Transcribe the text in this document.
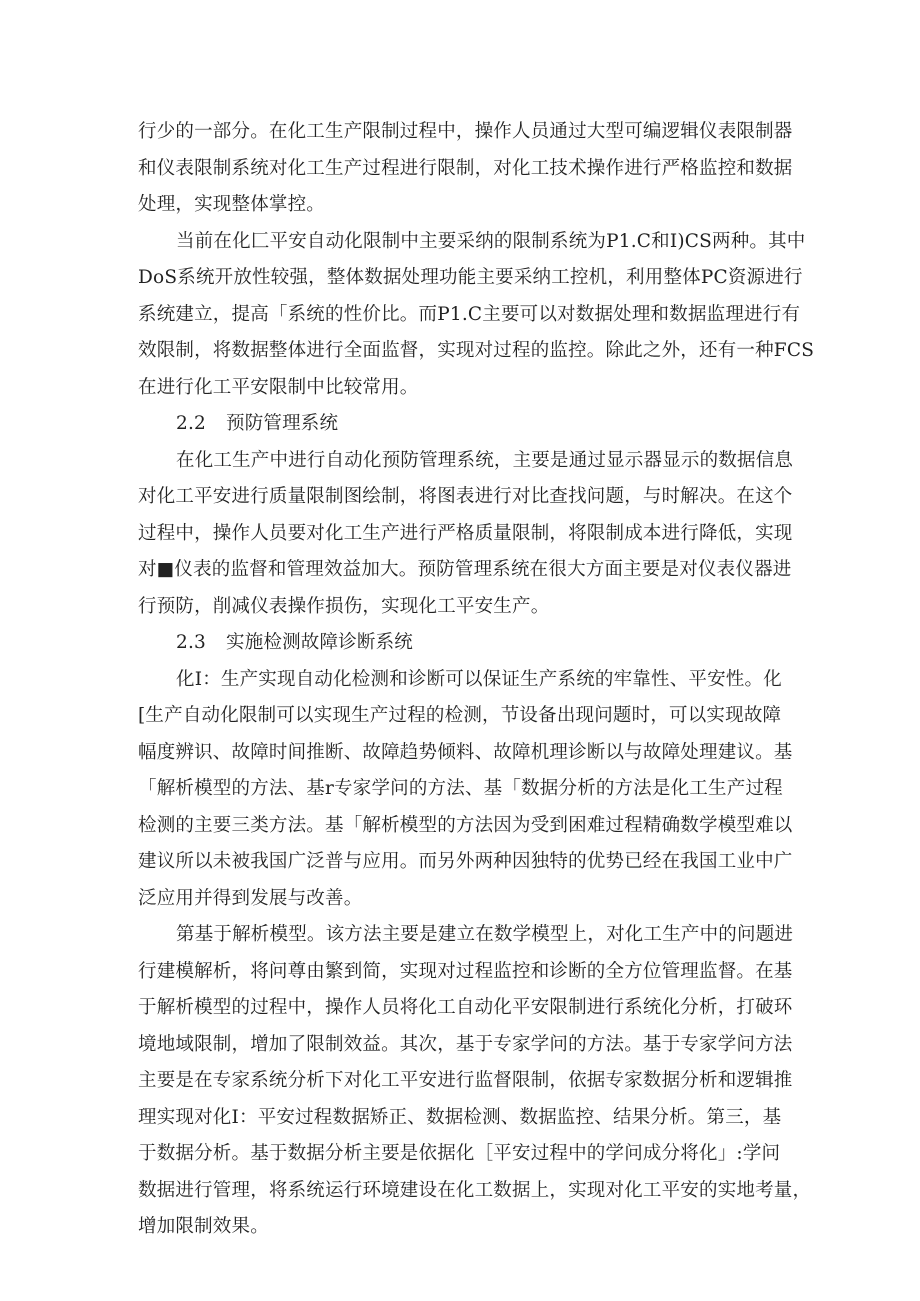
行少的一部分。在化工生产限制过程中，操作人员通过大型可编逻辑仪表限制器
和仪表限制系统对化工生产过程进行限制，对化工技术操作进行严格监控和数据
处理，实现整体掌控。

当前在化匚平安自动化限制中主要采纳的限制系统为P1.C和I)CS两种。其中
DoS系统开放性较强，整体数据处理功能主要采纳工控机，利用整体PC资源进行
系统建立，提高「系统的性价比。而P1.C主要可以对数据处理和数据监理进行有
效限制，将数据整体进行全面监督，实现对过程的监控。除此之外，还有一种FCS
在进行化工平安限制中比较常用。

2.2 预防管理系统

在化工生产中进行自动化预防管理系统，主要是通过显示器显示的数据信息
对化工平安进行质量限制图绘制，将图表进行对比查找问题，与时解决。在这个
过程中，操作人员要对化工生产进行严格质量限制，将限制成本进行降低，实现
对■仪表的监督和管理效益加大。预防管理系统在很大方面主要是对仪表仪器进
行预防，削减仪表操作损伤，实现化工平安生产。

2.3 实施检测故障诊断系统

化I：生产实现自动化检测和诊断可以保证生产系统的牢靠性、平安性。化
[生产自动化限制可以实现生产过程的检测，节设备出现问题时，可以实现故障
幅度辨识、故障时间推断、故障趋势倾料、故障机理诊断以与故障处理建议。基
「解析模型的方法、基r专家学问的方法、基「数据分析的方法是化工生产过程
检测的主要三类方法。基「解析模型的方法因为受到困难过程精确数学模型难以
建议所以未被我国广泛普与应用。而另外两种因独特的优势已经在我国工业中广
泛应用并得到发展与改善。

第基于解析模型。该方法主要是建立在数学模型上，对化工生产中的问题进
行建模解析，将问尊由繁到简，实现对过程监控和诊断的全方位管理监督。在基
于解析模型的过程中，操作人员将化工自动化平安限制进行系统化分析，打破环
境地域限制，增加了限制效益。其次，基于专家学问的方法。基于专家学问方法
主要是在专家系统分析下对化工平安进行监督限制，依据专家数据分析和逻辑推
理实现对化I：平安过程数据矫正、数据检测、数据监控、结果分析。第三，基
于数据分析。基于数据分析主要是依据化［平安过程中的学问成分将化」:学问
数据进行管理，将系统运行环境建设在化工数据上，实现对化工平安的实地考量，
增加限制效果。
